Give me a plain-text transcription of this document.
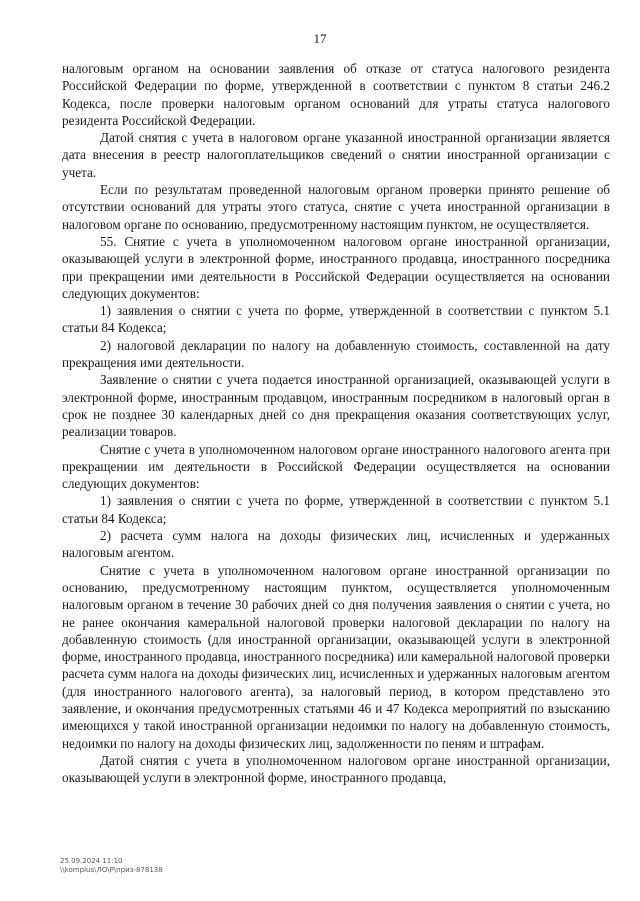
17

налоговым органом на основании заявления об отказе от статуса налогового резидента Российской Федерации по форме, утвержденной в соответствии с пунктом 8 статьи 246.2 Кодекса, после проверки налоговым органом оснований для утраты статуса налогового резидента Российской Федерации.

Датой снятия с учета в налоговом органе указанной иностранной организации является дата внесения в реестр налогоплательщиков сведений о снятии иностранной организации с учета.

Если по результатам проведенной налоговым органом проверки принято решение об отсутствии оснований для утраты этого статуса, снятие с учета иностранной организации в налоговом органе по основанию, предусмотренному настоящим пунктом, не осуществляется.

55. Снятие с учета в уполномоченном налоговом органе иностранной организации, оказывающей услуги в электронной форме, иностранного продавца, иностранного посредника при прекращении ими деятельности в Российской Федерации осуществляется на основании следующих документов:

1) заявления о снятии с учета по форме, утвержденной в соответствии с пунктом 5.1 статьи 84 Кодекса;

2) налоговой декларации по налогу на добавленную стоимость, составленной на дату прекращения ими деятельности.

Заявление о снятии с учета подается иностранной организацией, оказывающей услуги в электронной форме, иностранным продавцом, иностранным посредником в налоговый орган в срок не позднее 30 календарных дней со дня прекращения оказания соответствующих услуг, реализации товаров.

Снятие с учета в уполномоченном налоговом органе иностранного налогового агента при прекращении им деятельности в Российской Федерации осуществляется на основании следующих документов:

1) заявления о снятии с учета по форме, утвержденной в соответствии с пунктом 5.1 статьи 84 Кодекса;

2) расчета сумм налога на доходы физических лиц, исчисленных и удержанных налоговым агентом.

Снятие с учета в уполномоченном налоговом органе иностранной организации по основанию, предусмотренному настоящим пунктом, осуществляется уполномоченным налоговым органом в течение 30 рабочих дней со дня получения заявления о снятии с учета, но не ранее окончания камеральной налоговой проверки налоговой декларации по налогу на добавленную стоимость (для иностранной организации, оказывающей услуги в электронной форме, иностранного продавца, иностранного посредника) или камеральной налоговой проверки расчета сумм налога на доходы физических лиц, исчисленных и удержанных налоговым агентом (для иностранного налогового агента), за налоговый период, в котором представлено это заявление, и окончания предусмотренных статьями 46 и 47 Кодекса мероприятий по взысканию имеющихся у такой иностранной организации недоимки по налогу на добавленную стоимость, недоимки по налогу на доходы физических лиц, задолженности по пеням и штрафам.

Датой снятия с учета в уполномоченном налоговом органе иностранной организации, оказывающей услуги в электронной форме, иностранного продавца,

25.09.2024 11:10
\\komplus\ЛО\Р\приз-878138
